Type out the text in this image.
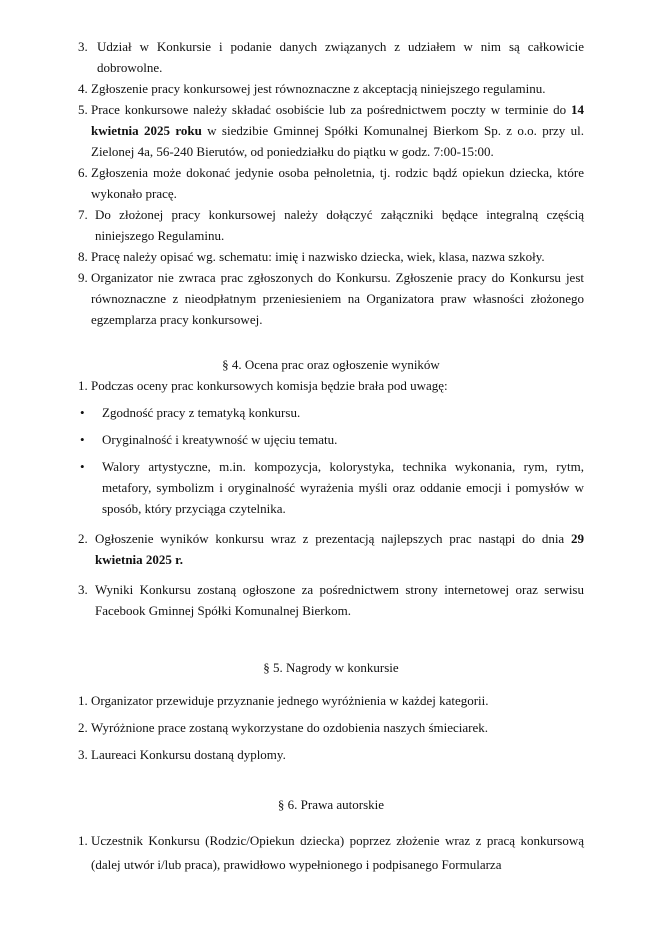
3. Udział w Konkursie i podanie danych związanych z udziałem w nim są całkowicie dobrowolne.
4. Zgłoszenie pracy konkursowej jest równoznaczne z akceptacją niniejszego regulaminu.
5. Prace konkursowe należy składać osobiście lub za pośrednictwem poczty w terminie do 14 kwietnia 2025 roku w siedzibie Gminnej Spółki Komunalnej Bierkom Sp. z o.o. przy ul. Zielonej 4a, 56-240 Bierutów, od poniedziałku do piątku w godz. 7:00-15:00.
6. Zgłoszenia może dokonać jedynie osoba pełnoletnia, tj. rodzic bądź opiekun dziecka, które wykonało pracę.
7. Do złożonej pracy konkursowej należy dołączyć załączniki będące integralną częścią niniejszego Regulaminu.
8. Pracę należy opisać wg. schematu: imię i nazwisko dziecka, wiek, klasa, nazwa szkoły.
9. Organizator nie zwraca prac zgłoszonych do Konkursu. Zgłoszenie pracy do Konkursu jest równoznaczne z nieodpłatnym przeniesieniem na Organizatora praw własności złożonego egzemplarza pracy konkursowej.

§ 4. Ocena prac oraz ogłoszenie wyników

1. Podczas oceny prac konkursowych komisja będzie brała pod uwagę:
•	Zgodność pracy z tematyką konkursu.
•	Oryginalność i kreatywność w ujęciu tematu.
•	Walory artystyczne, m.in. kompozycja, kolorystyka, technika wykonania, rym, rytm, metafory, symbolizm i oryginalność wyrażenia myśli oraz oddanie emocji i pomysłów w sposób, który przyciąga czytelnika.
2. Ogłoszenie wyników konkursu wraz z prezentacją najlepszych prac nastąpi do dnia 29 kwietnia 2025 r.
3. Wyniki Konkursu zostaną ogłoszone za pośrednictwem strony internetowej oraz serwisu Facebook Gminnej Spółki Komunalnej Bierkom.

§ 5. Nagrody w konkursie

1. Organizator przewiduje przyznanie jednego wyróżnienia w każdej kategorii.
2. Wyróżnione prace zostaną wykorzystane do ozdobienia naszych śmieciarek.
3. Laureaci Konkursu dostaną dyplomy.

§ 6. Prawa autorskie

1. Uczestnik Konkursu (Rodzic/Opiekun dziecka) poprzez złożenie wraz z pracą konkursową (dalej utwór i/lub praca), prawidłowo wypełnionego i podpisanego Formularza
